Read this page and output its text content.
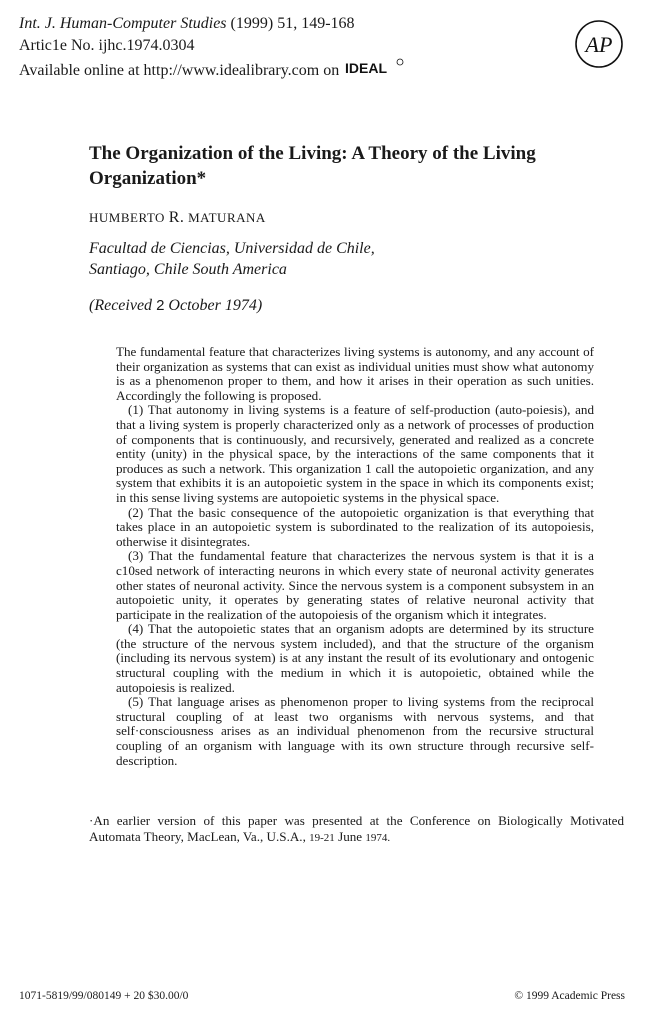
Int. J. Human-Computer Studies (1999) 51, 149-168
Artic1e No. ijhc.1974.0304
Available online at http://www.idealibrary.com on IDEAL
AP
The Organization of the Living: A Theory of the Living Organization*
HUMBERTO R. MATURANA
Facultad de Ciencias, Universidad de Chile,
Santiago, Chile South America
(Received 2 October 1974)

The fundamental feature that characterizes living systems is autonomy, and any account of their organization as systems that can exist as individual unities must show what autonomy is as a phenomenon proper to them, and how it arises in their operation as such unities. Accordingly the following is proposed.

(1) That autonomy in living systems is a feature of self-production (auto-poiesis), and that a living system is properly characterized only as a network of processes of production of components that is continuously, and recursively, generated and realized as a concrete entity (unity) in the physical space, by the interactions of the same components that it produces as such a network. This organization 1 call the autopoietic organization, and any system that exhibits it is an autopoietic system in the space in which its components exist; in this sense living systems are autopoietic systems in the physical space.

(2) That the basic consequence of the autopoietic organization is that everything that takes place in an autopoietic system is subordinated to the realization of its autopoiesis, otherwise it disintegrates.

(3) That the fundamental feature that characterizes the nervous system is that it is a c10sed network of interacting neurons in which every state of neuronal activity generates other states of neuronal activity. Since the nervous system is a component subsystem in an autopoietic unity, it operates by generating states of relative neuronal activity that participate in the realization of the autopoiesis of the organism which it integrates.

(4) That the autopoietic states that an organism adopts are determined by its structure (the structure of the nervous system included), and that the structure of the organism (including its nervous system) is at any instant the result of its evolutionary and ontogenic structural coupling with the medium in which it is autopoietic, obtained while the autopoiesis is realized.

(5) That language arises as phenomenon proper to living systems from the reciprocal structural coupling of at least two organisms with nervous systems, and that self·consciousness arises as an individual phenomenon from the recursive structural coupling of an organism with language with its own structure through recursive self-description.

·An earlier version of this paper was presented at the Conference on Biologically Motivated Automata Theory, MacLean, Va., U.S.A., 19-21 June 1974.
1071-5819/99/080149 + 20 $30.00/0	© 1999 Academic Press
